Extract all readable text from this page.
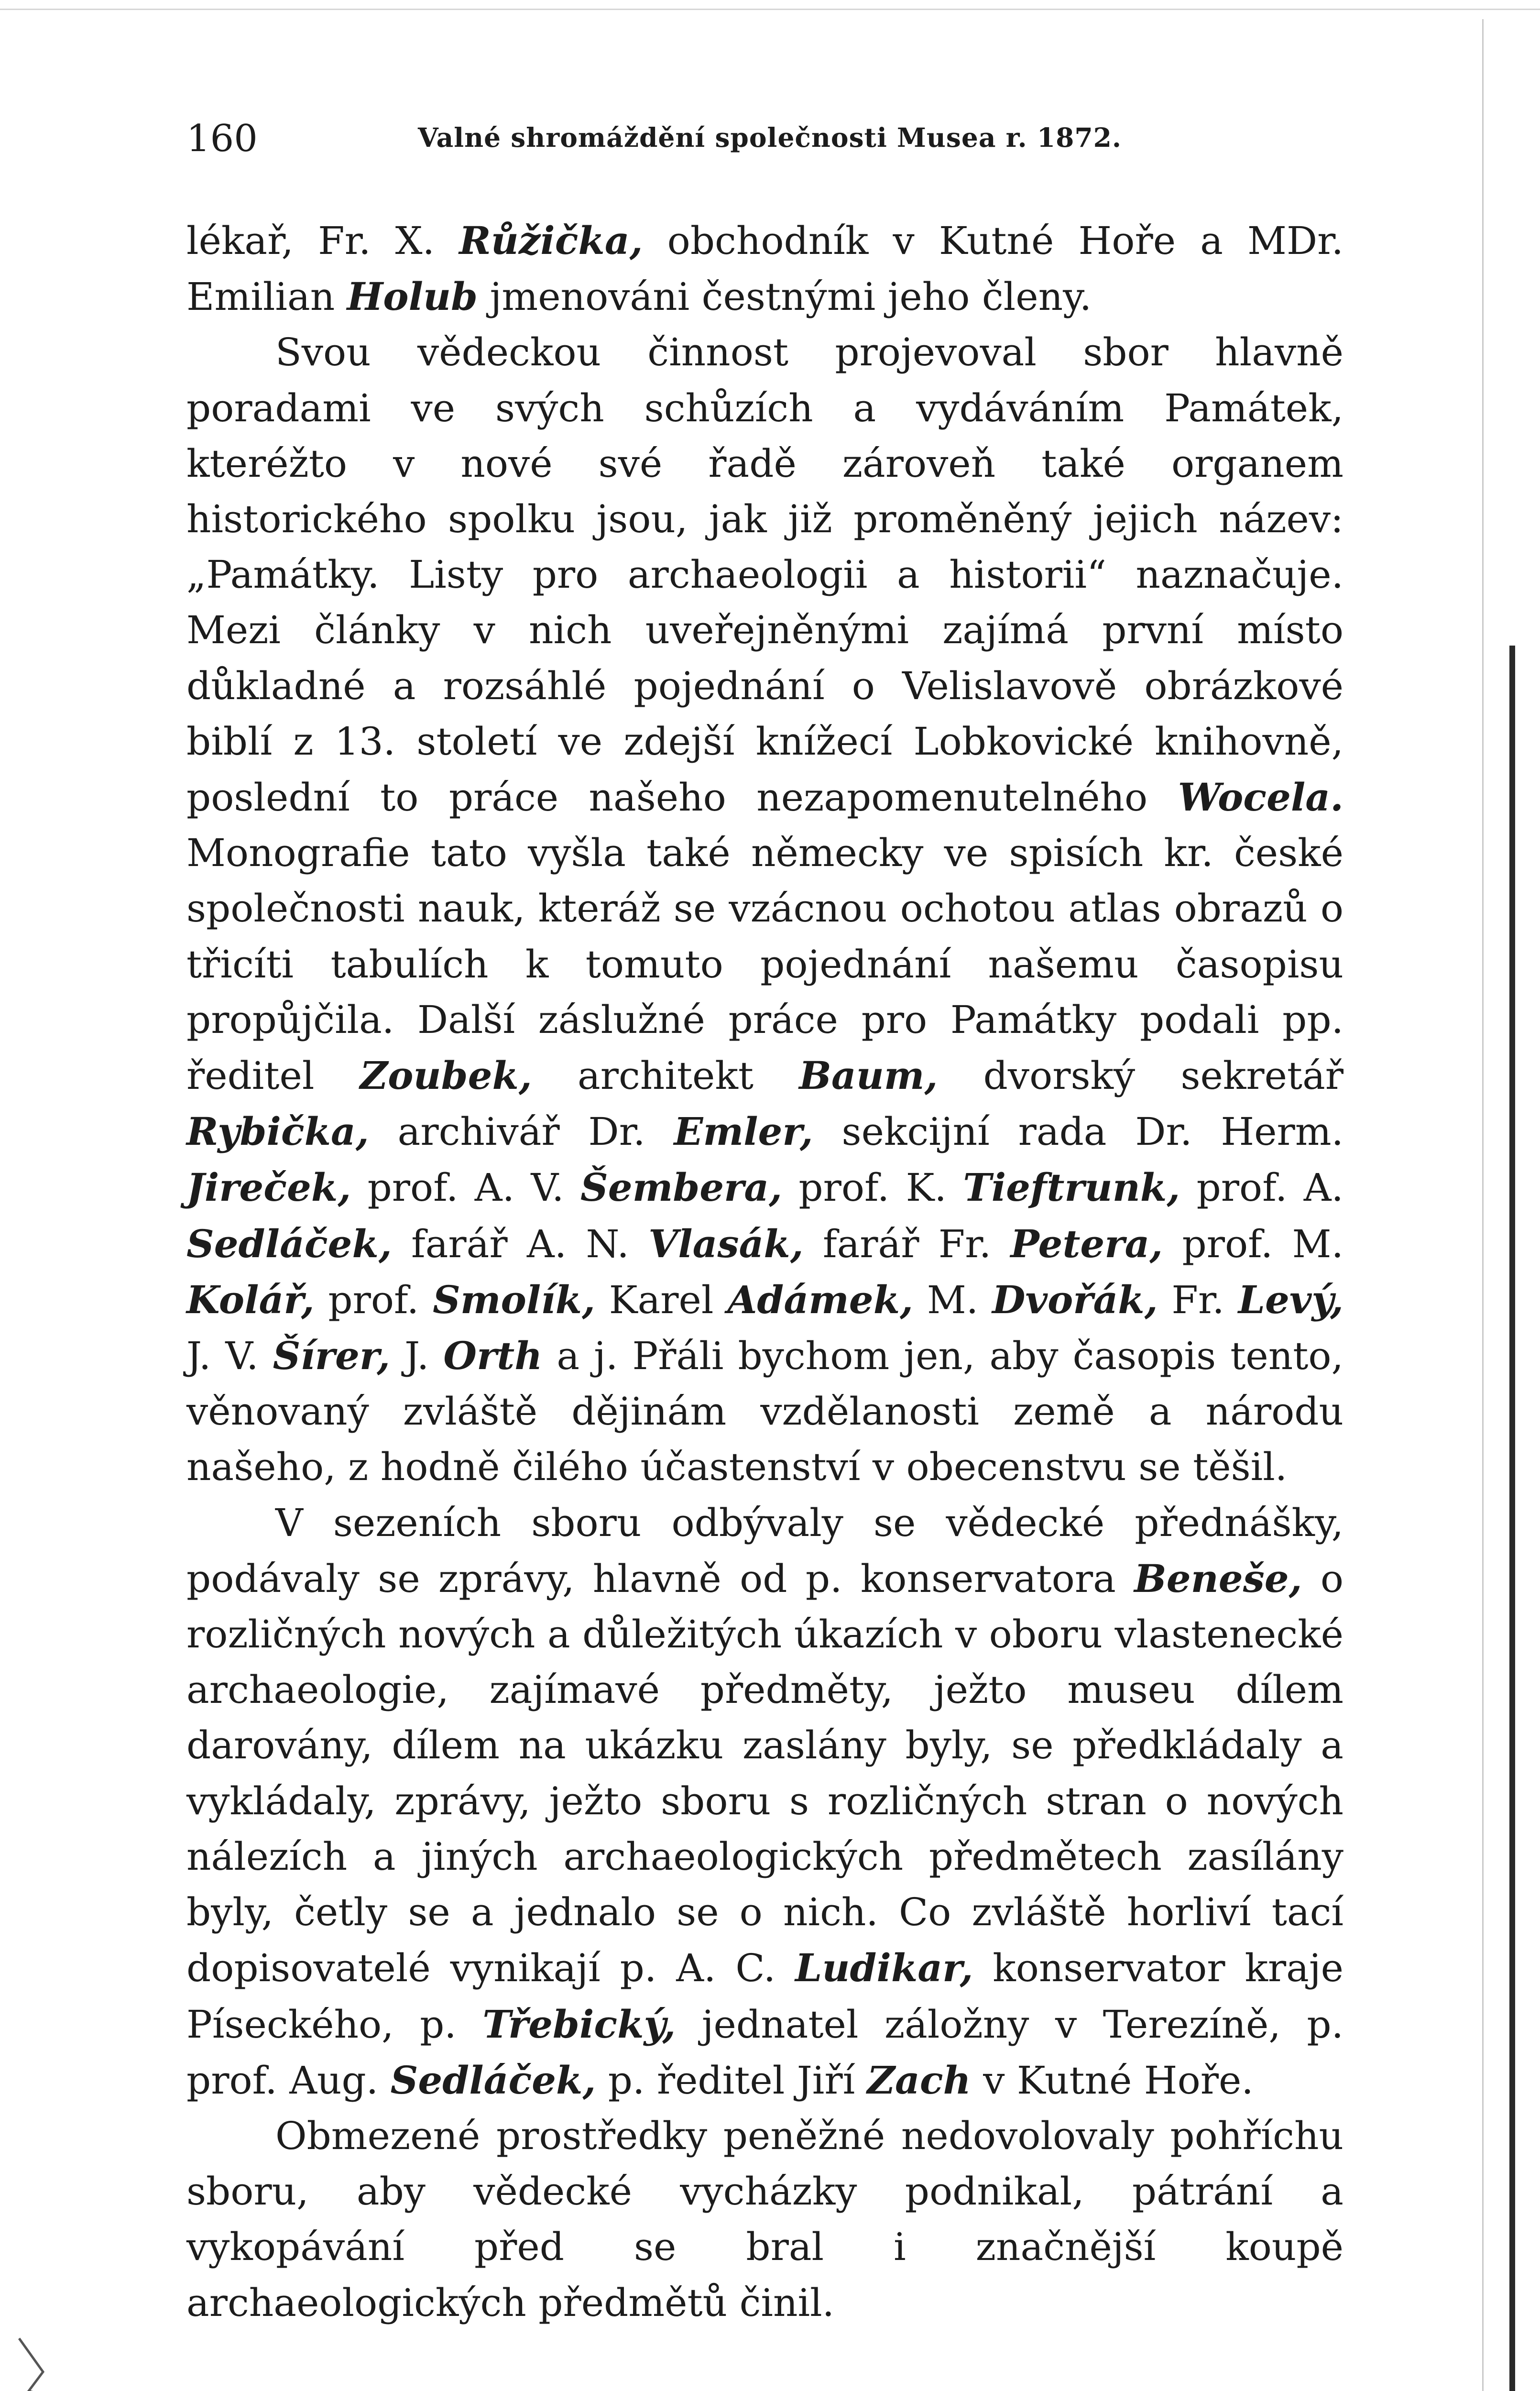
160	Valné shromáždění společnosti Musea r. 1872.

lékař, Fr. X. Růžička, obchodník v Kutné Hoře a MDr. Emilian Holub jmenováni čestnými jeho členy.

Svou vědeckou činnost projevoval sbor hlavně poradami ve svých schůzích a vydáváním Památek, kteréžto v nové své řadě zároveň také organem historického spolku jsou, jak již proměněný jejich název: „Památky. Listy pro archaeologii a historii“ naznačuje. Mezi články v nich uveřejněnými zajímá první místo důkladné a rozsáhlé pojednání o Velislavově obrázkové biblí z 13. století ve zdejší knížecí Lobkovické knihovně, poslední to práce našeho nezapomenutelného Wocela. Monografie tato vyšla také německy ve spisích kr. české společnosti nauk, kteráž se vzácnou ochotou atlas obrazů o třicíti tabulích k tomuto pojednání našemu časopisu propůjčila. Další záslužné práce pro Památky podali pp. ředitel Zoubek, architekt Baum, dvorský sekretář Rybička, archivář Dr. Emler, sekcijní rada Dr. Herm. Jireček, prof. A. V. Šembera, prof. K. Tieftrunk, prof. A. Sedláček, farář A. N. Vlasák, farář Fr. Petera, prof. M. Kolář, prof. Smolík, Karel Adámek, M. Dvořák, Fr. Levý, J. V. Šírer, J. Orth a j. Přáli bychom jen, aby časopis tento, věnovaný zvláště dějinám vzdělanosti země a národu našeho, z hodně čilého účastenství v obecenstvu se těšil.

V sezeních sboru odbývaly se vědecké přednášky, podávaly se zprávy, hlavně od p. konservatora Beneše, o rozličných nových a důležitých úkazích v oboru vlastenecké archaeologie, zajímavé předměty, ježto museu dílem darovány, dílem na ukázku zaslány byly, se předkládaly a vykládaly, zprávy, ježto sboru s rozličných stran o nových nálezích a jiných archaeologických předmětech zasílány byly, četly se a jednalo se o nich. Co zvláště horliví tací dopisovatelé vynikají p. A. C. Ludikar, konservator kraje Píseckého, p. Třebický, jednatel záložny v Terezíně, p. prof. Aug. Sedláček, p. ředitel Jiří Zach v Kutné Hoře.

Obmezené prostředky peněžné nedovolovaly pohříchu sboru, aby vědecké vycházky podnikal, pátrání a vykopávání před se bral i značnější koupě archaeologických předmětů činil.
